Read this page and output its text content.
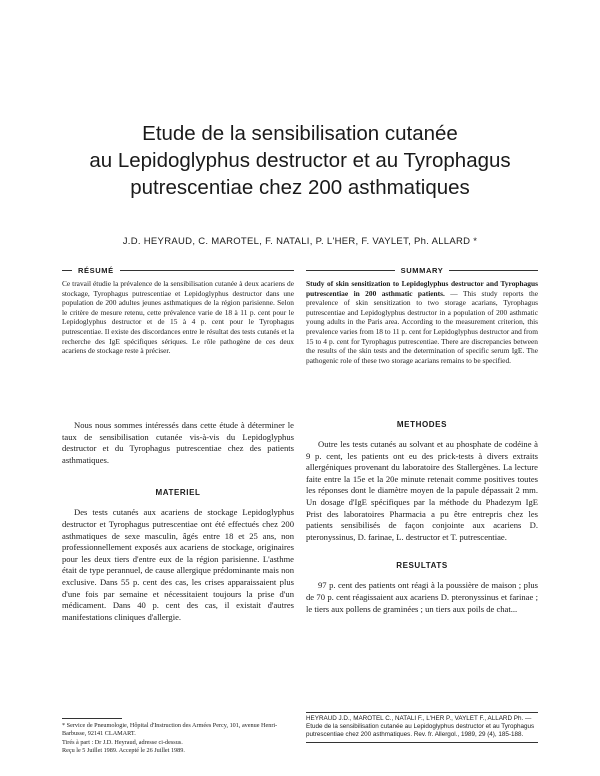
Etude de la sensibilisation cutanée
au Lepidoglyphus destructor et au Tyrophagus
putrescentiae chez 200 asthmatiques
J.D. HEYRAUD, C. MAROTEL, F. NATALI, P. L'HER, F. VAYLET, Ph. ALLARD *
RÉSUMÉ
Ce travail étudie la prévalence de la sensibilisation cutanée à deux acariens de stockage, Tyrophagus putrescentiae et Lepidoglyphus destructor dans une population de 200 adultes jeunes asthmatiques de la région parisienne. Selon le critère de mesure retenu, cette prévalence varie de 18 à 11 p. cent pour le Lepidoglyphus destructor et de 15 à 4 p. cent pour le Tyrophagus putrescentiae. Il existe des discordances entre le résultat des tests cutanés et la recherche des IgE spécifiques sériques. Le rôle pathogène de ces deux acariens de stockage reste à préciser.
SUMMARY
Study of skin sensitization to Lepidoglyphus destructor and Tyrophagus putrescentiae in 200 asthmatic patients. — This study reports the prevalence of skin sensitization to two storage acarians, Tyrophagus putrescentiae and Lepidoglyphus destructor in a population of 200 asthmatic young adults in the Paris area. According to the measurement criterion, this prevalence varies from 18 to 11 p. cent for Lepidoglyphus destructor and from 15 to 4 p. cent for Tyrophagus putrescentiae. There are discrepancies between the results of the skin tests and the determination of specific serum IgE. The pathogenic role of these two storage acarians remains to be specified.
Nous nous sommes intéressés dans cette étude à déterminer le taux de sensibilisation cutanée vis-à-vis du Lepidoglyphus destructor et du Tyrophagus putrescentiae chez des patients asthmatiques.
MATERIEL
Des tests cutanés aux acariens de stockage Lepidoglyphus destructor et Tyrophagus putrescentiae ont été effectués chez 200 asthmatiques de sexe masculin, âgés entre 18 et 25 ans, non professionnellement exposés aux acariens de stockage, originaires pour les deux tiers d'entre eux de la région parisienne. L'asthme était de type perannuel, de cause allergique prédominante mais non exclusive. Dans 55 p. cent des cas, les crises apparaissaient plus d'une fois par semaine et nécessitaient toujours la prise d'un médicament. Dans 40 p. cent des cas, il existait d'autres manifestations cliniques d'allergie.
* Service de Pneumologie, Hôpital d'Instruction des Armées Percy, 101, avenue Henri-Barbusse, 92141 CLAMART.
Tirés à part : Dr J.D. Heyraud, adresse ci-dessus.
Reçu le 5 Juillet 1989. Accepté le 26 Juillet 1989.
METHODES
Outre les tests cutanés au solvant et au phosphate de codéine à 9 p. cent, les patients ont eu des prick-tests à divers extraits allergéniques provenant du laboratoire des Stallergènes. La lecture faite entre la 15e et la 20e minute retenait comme positives toutes les réponses dont le diamètre moyen de la papule dépassait 2 mm. Un dosage d'IgE spécifiques par la méthode du Phadezym IgE Prist des laboratoires Pharmacia a pu être entrepris chez les patients sensibilisés de façon conjointe aux acariens D. pteronyssinus, D. farinae, L. destructor et T. putrescentiae.
RESULTATS
97 p. cent des patients ont réagi à la poussière de maison ; plus de 70 p. cent réagissaient aux acariens D. pteronyssinus et farinae ; le tiers aux pollens de graminées ; un tiers aux poils de chat...
HEYRAUD J.D., MAROTEL C., NATALI F., L'HER P., VAYLET F., ALLARD Ph. — Etude de la sensibilisation cutanée au Lepidoglyphus destructor et au Tyrophagus putrescentiae chez 200 asthmatiques. Rev. fr. Allergol., 1989, 29 (4), 185-188.
